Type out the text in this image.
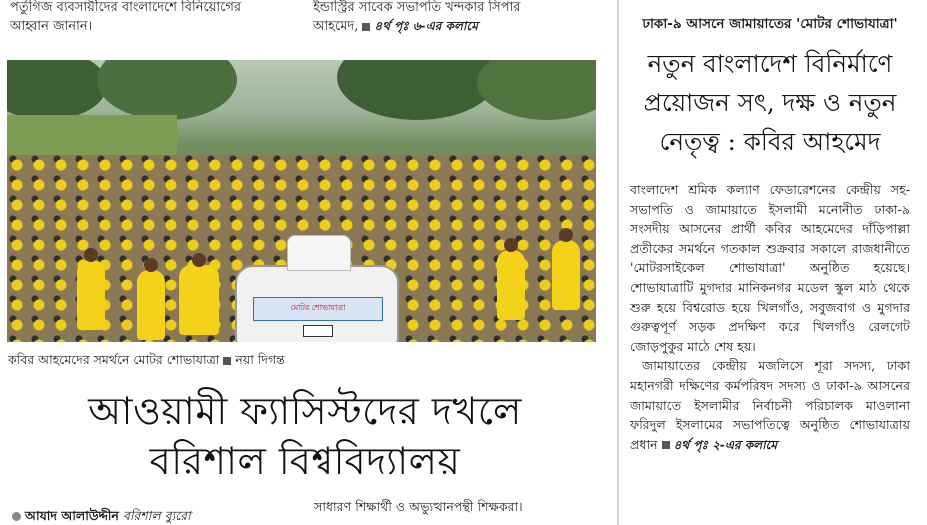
পর্তুগিজ ব্যবসায়ীদের বাংলাদেশে বিনিয়োগের
আহ্বান জানান।
ইন্ডাস্ট্রির সাবেক সভাপতি খন্দকার সিপার
আহমেদ, ৪র্থ পৃঃ ৬-এর কলামে
মোটর শোভাযাত্রা
কবির আহমেদের সমর্থনে মোটর শোভাযাত্রা নয়া দিগন্ত
আওয়ামী ফ্যাসিস্টদের দখলে
বরিশাল বিশ্ববিদ্যালয়
আযাদ আলাউদ্দীন বরিশাল ব্যুরো
সাধারণ শিক্ষার্থী ও অভ্যুত্থানপন্থী শিক্ষকরা।
ঢাকা-৯ আসনে জামায়াতের 'মোটর শোভাযাত্রা'
নতুন বাংলাদেশ বিনির্মাণে
প্রয়োজন সৎ, দক্ষ ও নতুন
নেতৃত্ব : কবির আহমেদ
বাংলাদেশ শ্রমিক কল্যাণ ফেডারেশনের কেন্দ্রীয় সহ-সভাপতি ও জামায়াতে ইসলামী মনোনীত ঢাকা-৯ সংসদীয় আসনের প্রার্থী কবির আহমেদের দাঁড়িপাল্লা প্রতীকের সমর্থনে গতকাল শুক্রবার সকালে রাজধানীতে 'মোটরসাইকেল শোভাযাত্রা' অনুষ্ঠিত হয়েছে। শোভাযাত্রাটি মুগদার মানিকনগর মডেল স্কুল মাঠ থেকে শুরু হয়ে বিশ্বরোড হয়ে খিলগাঁও, সবুজবাগ ও মুগদার গুরুত্বপূর্ণ সড়ক প্রদক্ষিণ করে খিলগাঁও রেলগেট জোড়পুকুর মাঠে শেষ হয়।
জামায়াতের কেন্দ্রীয় মজলিসে শূরা সদস্য, ঢাকা মহানগরী দক্ষিণের কর্মপরিষদ সদস্য ও ঢাকা-৯ আসনের জামায়াতে ইসলামীর নির্বাচনী পরিচালক মাওলানা ফরিদুল ইসলামের সভাপতিত্বে অনুষ্ঠিত শোভাযাত্রায় প্রধান ৪র্থ পৃঃ ২-এর কলামে
